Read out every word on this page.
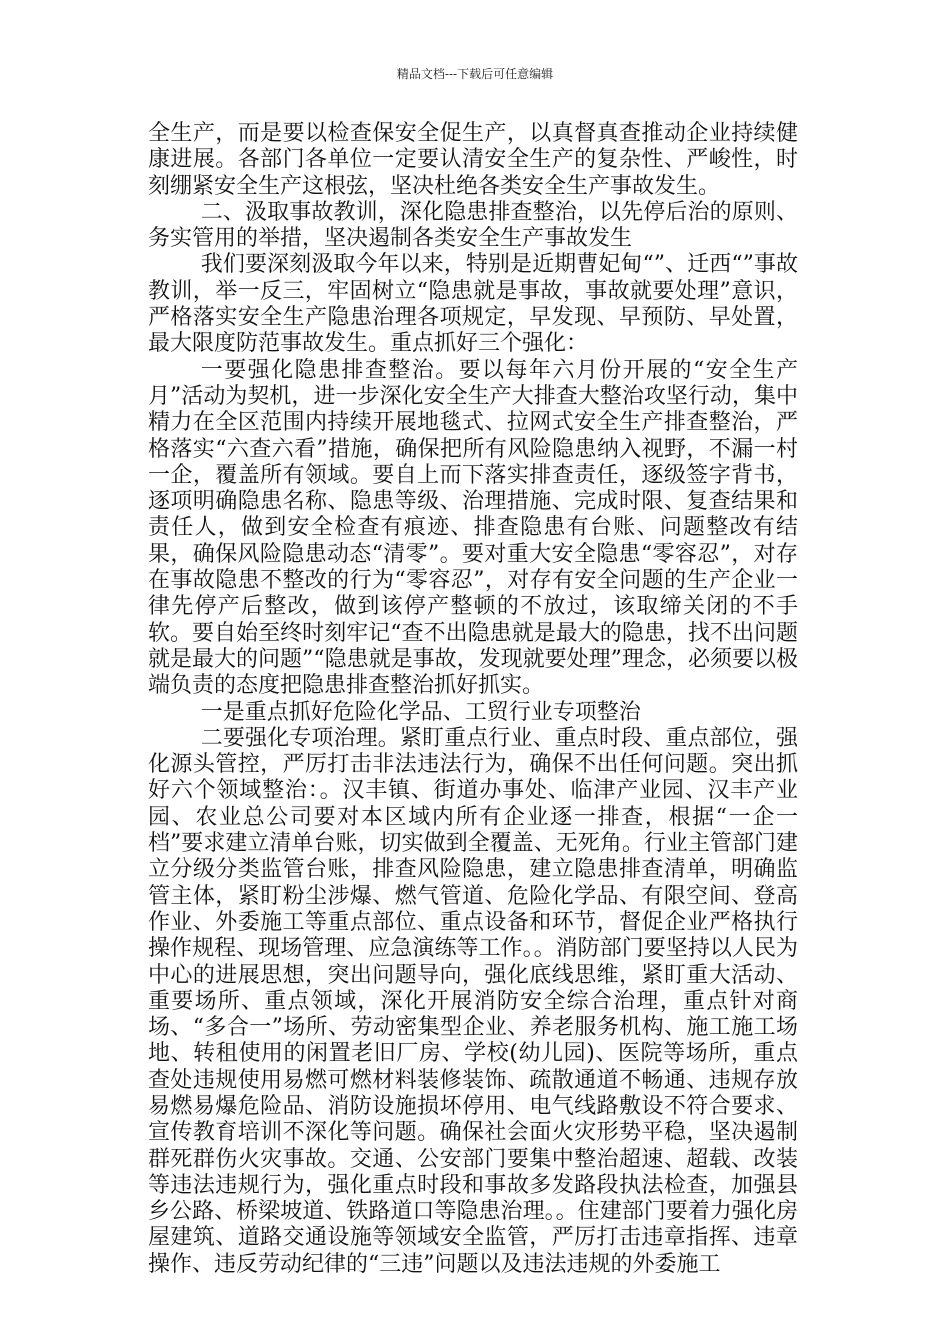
精品文档---下载后可任意编辑

全生产，而是要以检查保安全促生产，以真督真查推动企业持续健康进展。各部门各单位一定要认清安全生产的复杂性、严峻性，时刻绷紧安全生产这根弦，坚决杜绝各类安全生产事故发生。

二、汲取事故教训，深化隐患排查整治，以先停后治的原则、务实管用的举措，坚决遏制各类安全生产事故发生

我们要深刻汲取今年以来，特别是近期曹妃甸“”、迁西“”事故教训，举一反三，牢固树立“隐患就是事故，事故就要处理”意识，严格落实安全生产隐患治理各项规定，早发现、早预防、早处置，最大限度防范事故发生。重点抓好三个强化：

一要强化隐患排查整治。要以每年六月份开展的“安全生产月”活动为契机，进一步深化安全生产大排查大整治攻坚行动，集中精力在全区范围内持续开展地毯式、拉网式安全生产排查整治，严格落实“六查六看”措施，确保把所有风险隐患纳入视野，不漏一村一企，覆盖所有领域。要自上而下落实排查责任，逐级签字背书，逐项明确隐患名称、隐患等级、治理措施、完成时限、复查结果和责任人，做到安全检查有痕迹、排查隐患有台账、问题整改有结果，确保风险隐患动态“清零”。要对重大安全隐患“零容忍”，对存在事故隐患不整改的行为“零容忍”，对存有安全问题的生产企业一律先停产后整改，做到该停产整顿的不放过，该取缔关闭的不手软。要自始至终时刻牢记“查不出隐患就是最大的隐患，找不出问题就是最大的问题”“隐患就是事故，发现就要处理”理念，必须要以极端负责的态度把隐患排查整治抓好抓实。

一是重点抓好危险化学品、工贸行业专项整治

二要强化专项治理。紧盯重点行业、重点时段、重点部位，强化源头管控，严厉打击非法违法行为，确保不出任何问题。突出抓好六个领域整治：。汉丰镇、街道办事处、临津产业园、汉丰产业园、农业总公司要对本区域内所有企业逐一排查，根据“一企一档”要求建立清单台账，切实做到全覆盖、无死角。行业主管部门建立分级分类监管台账，排查风险隐患，建立隐患排查清单，明确监管主体，紧盯粉尘涉爆、燃气管道、危险化学品、有限空间、登高作业、外委施工等重点部位、重点设备和环节，督促企业严格执行操作规程、现场管理、应急演练等工作。。消防部门要坚持以人民为中心的进展思想，突出问题导向，强化底线思维，紧盯重大活动、重要场所、重点领域，深化开展消防安全综合治理，重点针对商场、“多合一”场所、劳动密集型企业、养老服务机构、施工施工场地、转租使用的闲置老旧厂房、学校(幼儿园)、医院等场所，重点查处违规使用易燃可燃材料装修装饰、疏散通道不畅通、违规存放易燃易爆危险品、消防设施损坏停用、电气线路敷设不符合要求、宣传教育培训不深化等问题。确保社会面火灾形势平稳，坚决遏制群死群伤火灾事故。交通、公安部门要集中整治超速、超载、改装等违法违规行为，强化重点时段和事故多发路段执法检查，加强县乡公路、桥梁坡道、铁路道口等隐患治理。。住建部门要着力强化房屋建筑、道路交通设施等领域安全监管，严厉打击违章指挥、违章操作、违反劳动纪律的“三违”问题以及违法违规的外委施工
